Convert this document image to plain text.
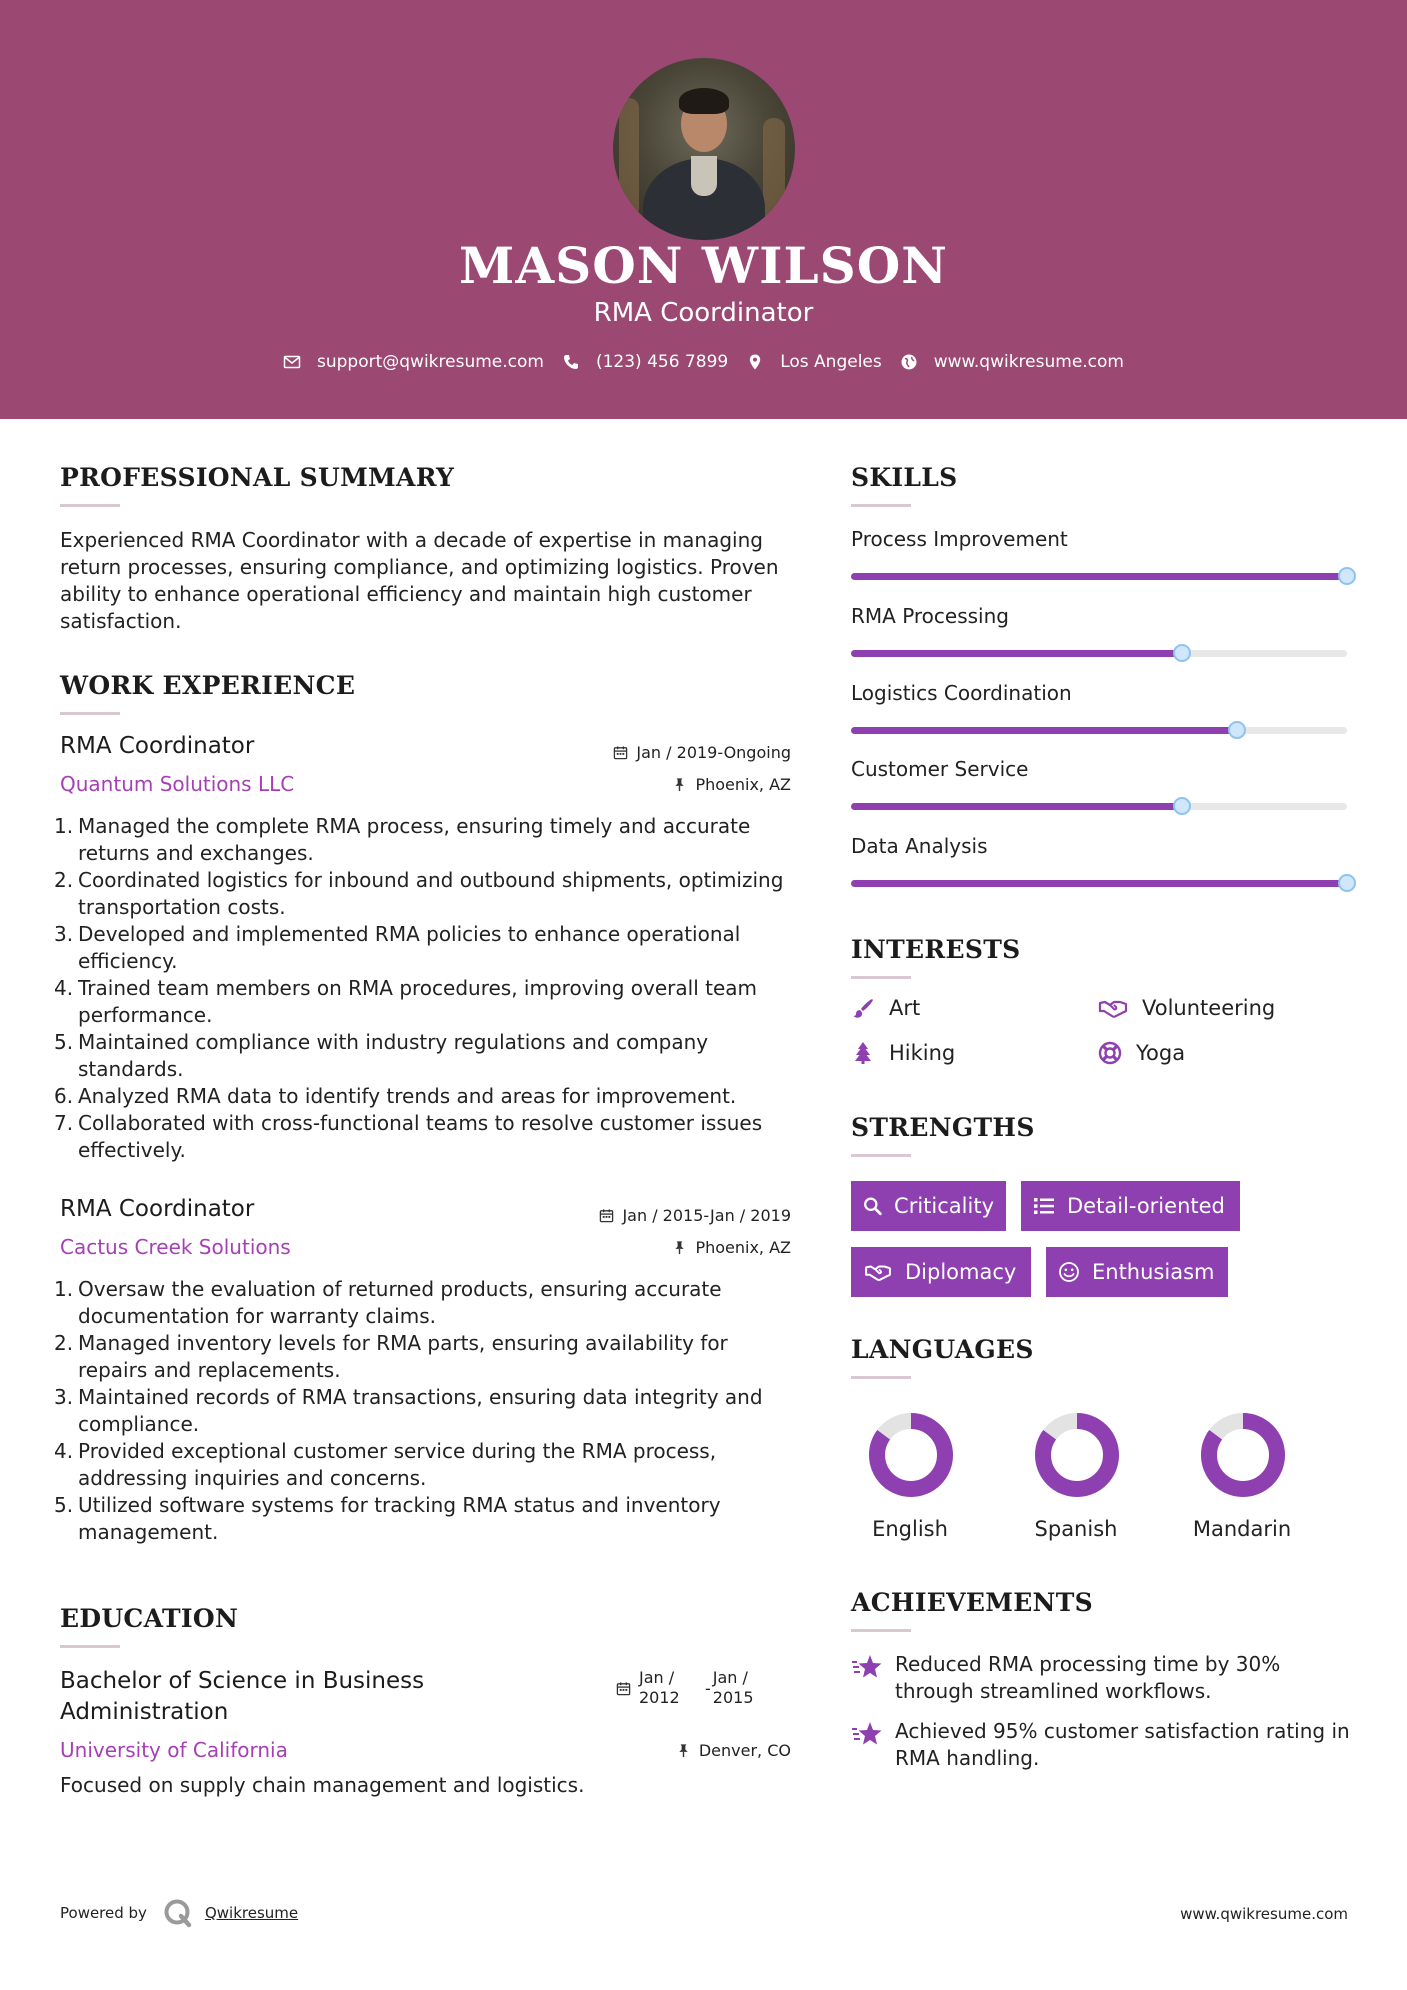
MASON WILSON
RMA Coordinator
support@qwikresume.com	(123) 456 7899	Los Angeles	www.qwikresume.com
PROFESSIONAL SUMMARY
Experienced RMA Coordinator with a decade of expertise in managing return processes, ensuring compliance, and optimizing logistics. Proven ability to enhance operational efficiency and maintain high customer satisfaction.
WORK EXPERIENCE
RMA Coordinator	Jan / 2019-Ongoing
Quantum Solutions LLC	Phoenix, AZ
1. Managed the complete RMA process, ensuring timely and accurate returns and exchanges.
2. Coordinated logistics for inbound and outbound shipments, optimizing transportation costs.
3. Developed and implemented RMA policies to enhance operational efficiency.
4. Trained team members on RMA procedures, improving overall team performance.
5. Maintained compliance with industry regulations and company standards.
6. Analyzed RMA data to identify trends and areas for improvement.
7. Collaborated with cross-functional teams to resolve customer issues effectively.
RMA Coordinator	Jan / 2015-Jan / 2019
Cactus Creek Solutions	Phoenix, AZ
1. Oversaw the evaluation of returned products, ensuring accurate documentation for warranty claims.
2. Managed inventory levels for RMA parts, ensuring availability for repairs and replacements.
3. Maintained records of RMA transactions, ensuring data integrity and compliance.
4. Provided exceptional customer service during the RMA process, addressing inquiries and concerns.
5. Utilized software systems for tracking RMA status and inventory management.
EDUCATION
Bachelor of Science in Business Administration
Jan / 2012	-
Jan / 2015
University of California	Denver, CO
Focused on supply chain management and logistics.
SKILLS
Process Improvement
RMA Processing
Logistics Coordination
Customer Service
Data Analysis
INTERESTS
Art	Volunteering
Hiking	Yoga
STRENGTHS
Criticality	Detail-oriented
Diplomacy	Enthusiasm
LANGUAGES
English	Spanish	Mandarin
ACHIEVEMENTS
Reduced RMA processing time by 30% through streamlined workflows.
Achieved 95% customer satisfaction rating in RMA handling.
Powered by	Qwikresume	www.qwikresume.com
